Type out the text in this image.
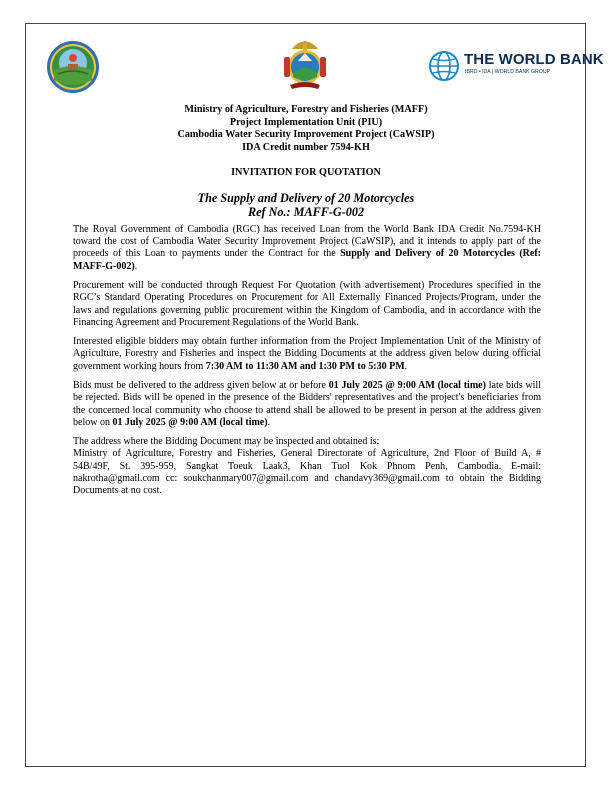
THE WORLD BANK
IBRD • IDA | WORLD BANK GROUP
Ministry of Agriculture, Forestry and Fisheries (MAFF)
Project Implementation Unit (PIU)
Cambodia Water Security Improvement Project (CaWSIP)
IDA Credit number 7594-KH
INVITATION FOR QUOTATION
The Supply and Delivery of 20 Motorcycles
Ref No.: MAFF-G-002

The Royal Government of Cambodia (RGC) has received Loan from the World Bank IDA Credit No.7594-KH toward the cost of Cambodia Water Security Improvement Project (CaWSIP), and it intends to apply part of the proceeds of this Loan to payments under the Contract for the Supply and Delivery of 20 Motorcycles (Ref: MAFF-G-002).

Procurement will be conducted through Request For Quotation (with advertisement) Procedures specified in the RGC’s Standard Operating Procedures on Procurement for All Externally Financed Projects/Program, under the laws and regulations governing public procurement within the Kingdom of Cambodia, and in accordance with the Financing Agreement and Procurement Regulations of the World Bank.

Interested eligible bidders may obtain further information from the Project Implementation Unit of the Ministry of Agriculture, Forestry and Fisheries and inspect the Bidding Documents at the address given below during official government working hours from 7:30 AM to 11:30 AM and 1:30 PM to 5:30 PM.

Bids must be delivered to the address given below at or before 01 July 2025 @ 9:00 AM (local time) late bids will be rejected. Bids will be opened in the presence of the Bidders' representatives and the project's beneficiaries from the concerned local community who choose to attend shall be allowed to be present in person at the address given below on 01 July 2025 @ 9:00 AM (local time).

The address where the Bidding Document may be inspected and obtained is:
Ministry of Agriculture, Forestry and Fisheries, General Directorate of Agriculture, 2nd Floor of Build A, # 54B/49F, St. 395-959, Sangkat Toeuk Laak3, Khan Tuol Kok Phnom Penh, Cambodia. E-mail: nakrotha@gmail.com cc: soukchanmary007@gmail.com and chandavy369@gmail.com to obtain the Bidding Documents at no cost.
